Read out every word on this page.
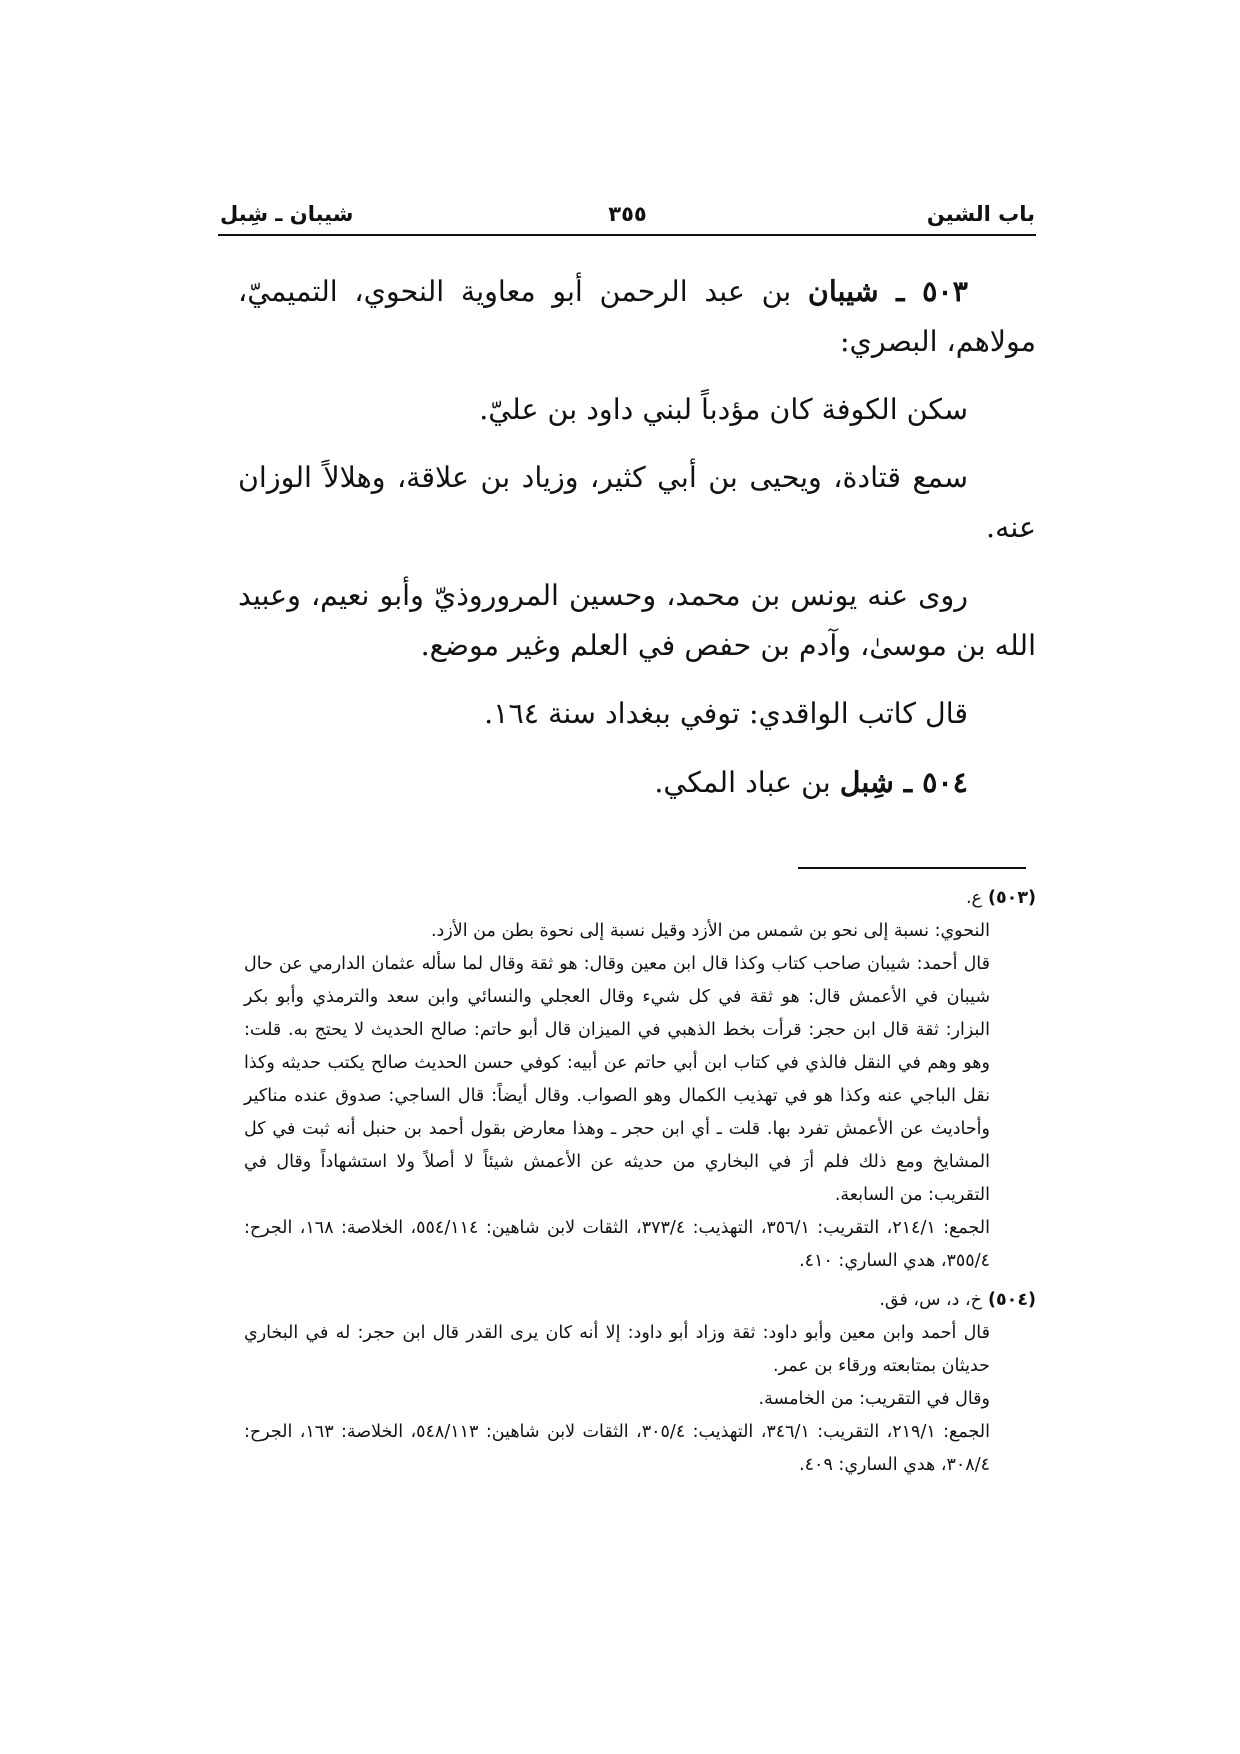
باب الشين
٣٥٥
شيبان ـ شِبل

٥٠٣ ـ شيبان بن عبد الرحمن أبو معاوية النحوي، التميميّ، مولاهم، البصري:

سكن الكوفة كان مؤدباً لبني داود بن عليّ.

سمع قتادة، ويحيى بن أبي كثير، وزياد بن علاقة، وهلالاً الوزان عنه.

روى عنه يونس بن محمد، وحسين المروروذيّ وأبو نعيم، وعبيد الله بن موسىٰ، وآدم بن حفص في العلم وغير موضع.

قال كاتب الواقدي: توفي ببغداد سنة ١٦٤.

٥٠٤ ـ شِبل بن عباد المكي.

(٥٠٣)ع.

النحوي: نسبة إلى نحو بن شمس من الأزد وقيل نسبة إلى نحوة بطن من الأزد.

قال أحمد: شيبان صاحب كتاب وكذا قال ابن معين وقال: هو ثقة وقال لما سأله عثمان الدارمي عن حال شيبان في الأعمش قال: هو ثقة في كل شيء وقال العجلي والنسائي وابن سعد والترمذي وأبو بكر البزار: ثقة قال ابن حجر: قرأت بخط الذهبي في الميزان قال أبو حاتم: صالح الحديث لا يحتج به. قلت: وهو وهم في النقل فالذي في كتاب ابن أبي حاتم عن أبيه: كوفي حسن الحديث صالح يكتب حديثه وكذا نقل الباجي عنه وكذا هو في تهذيب الكمال وهو الصواب. وقال أيضاً: قال الساجي: صدوق عنده مناكير وأحاديث عن الأعمش تفرد بها. قلت ـ أي ابن حجر ـ وهذا معارض بقول أحمد بن حنبل أنه ثبت في كل المشايخ ومع ذلك فلم أرَ في البخاري من حديثه عن الأعمش شيئاً لا أصلاً ولا استشهاداً وقال في التقريب: من السابعة.

الجمع: ٢١٤/١، التقريب: ٣٥٦/١، التهذيب: ٣٧٣/٤، الثقات لابن شاهين: ٥٥٤/١١٤، الخلاصة: ١٦٨، الجرح: ٣٥٥/٤، هدي الساري: ٤١٠.

(٥٠٤)خ، د، س، فق.

قال أحمد وابن معين وأبو داود: ثقة وزاد أبو داود: إلا أنه كان يرى القدر قال ابن حجر: له في البخاري حديثان بمتابعته ورقاء بن عمر.

وقال في التقريب: من الخامسة.

الجمع: ٢١٩/١، التقريب: ٣٤٦/١، التهذيب: ٣٠٥/٤، الثقات لابن شاهين: ٥٤٨/١١٣، الخلاصة: ١٦٣، الجرح: ٣٠٨/٤، هدي الساري: ٤٠٩.
